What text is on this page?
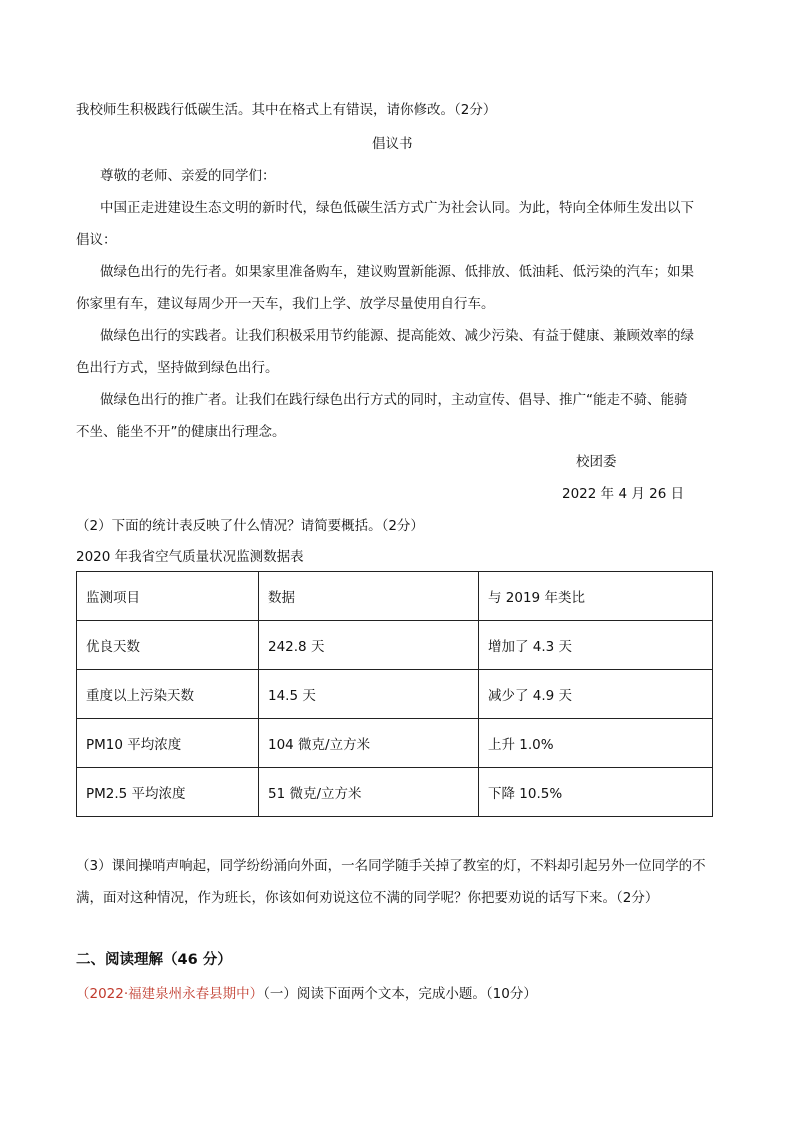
我校师生积极践行低碳生活。其中在格式上有错误，请你修改。（2分）
倡议书
尊敬的老师、亲爱的同学们：
中国正走进建设生态文明的新时代，绿色低碳生活方式广为社会认同。为此，特向全体师生发出以下
倡议：
做绿色出行的先行者。如果家里准备购车，建议购置新能源、低排放、低油耗、低污染的汽车；如果
你家里有车，建议每周少开一天车，我们上学、放学尽量使用自行车。
做绿色出行的实践者。让我们积极采用节约能源、提高能效、减少污染、有益于健康、兼顾效率的绿
色出行方式，坚持做到绿色出行。
做绿色出行的推广者。让我们在践行绿色出行方式的同时，主动宣传、倡导、推广“能走不骑、能骑
不坐、能坐不开”的健康出行理念。
校团委
2022 年 4 月 26 日
（2）下面的统计表反映了什么情况？请简要概括。（2分）
2020 年我省空气质量状况监测数据表
监测项目	数据	与 2019 年类比
优良天数	242.8 天	增加了 4.3 天
重度以上污染天数	14.5 天	减少了 4.9 天
PM10 平均浓度	104 微克/立方米	上升 1.0%
PM2.5 平均浓度	51 微克/立方米	下降 10.5%
（3）课间操哨声响起，同学纷纷涌向外面，一名同学随手关掉了教室的灯，不料却引起另外一位同学的不
满，面对这种情况，作为班长，你该如何劝说这位不满的同学呢？你把要劝说的话写下来。（2分）
二、阅读理解（46 分）
（2022·福建泉州永春县期中）（一）阅读下面两个文本，完成小题。（10分）
